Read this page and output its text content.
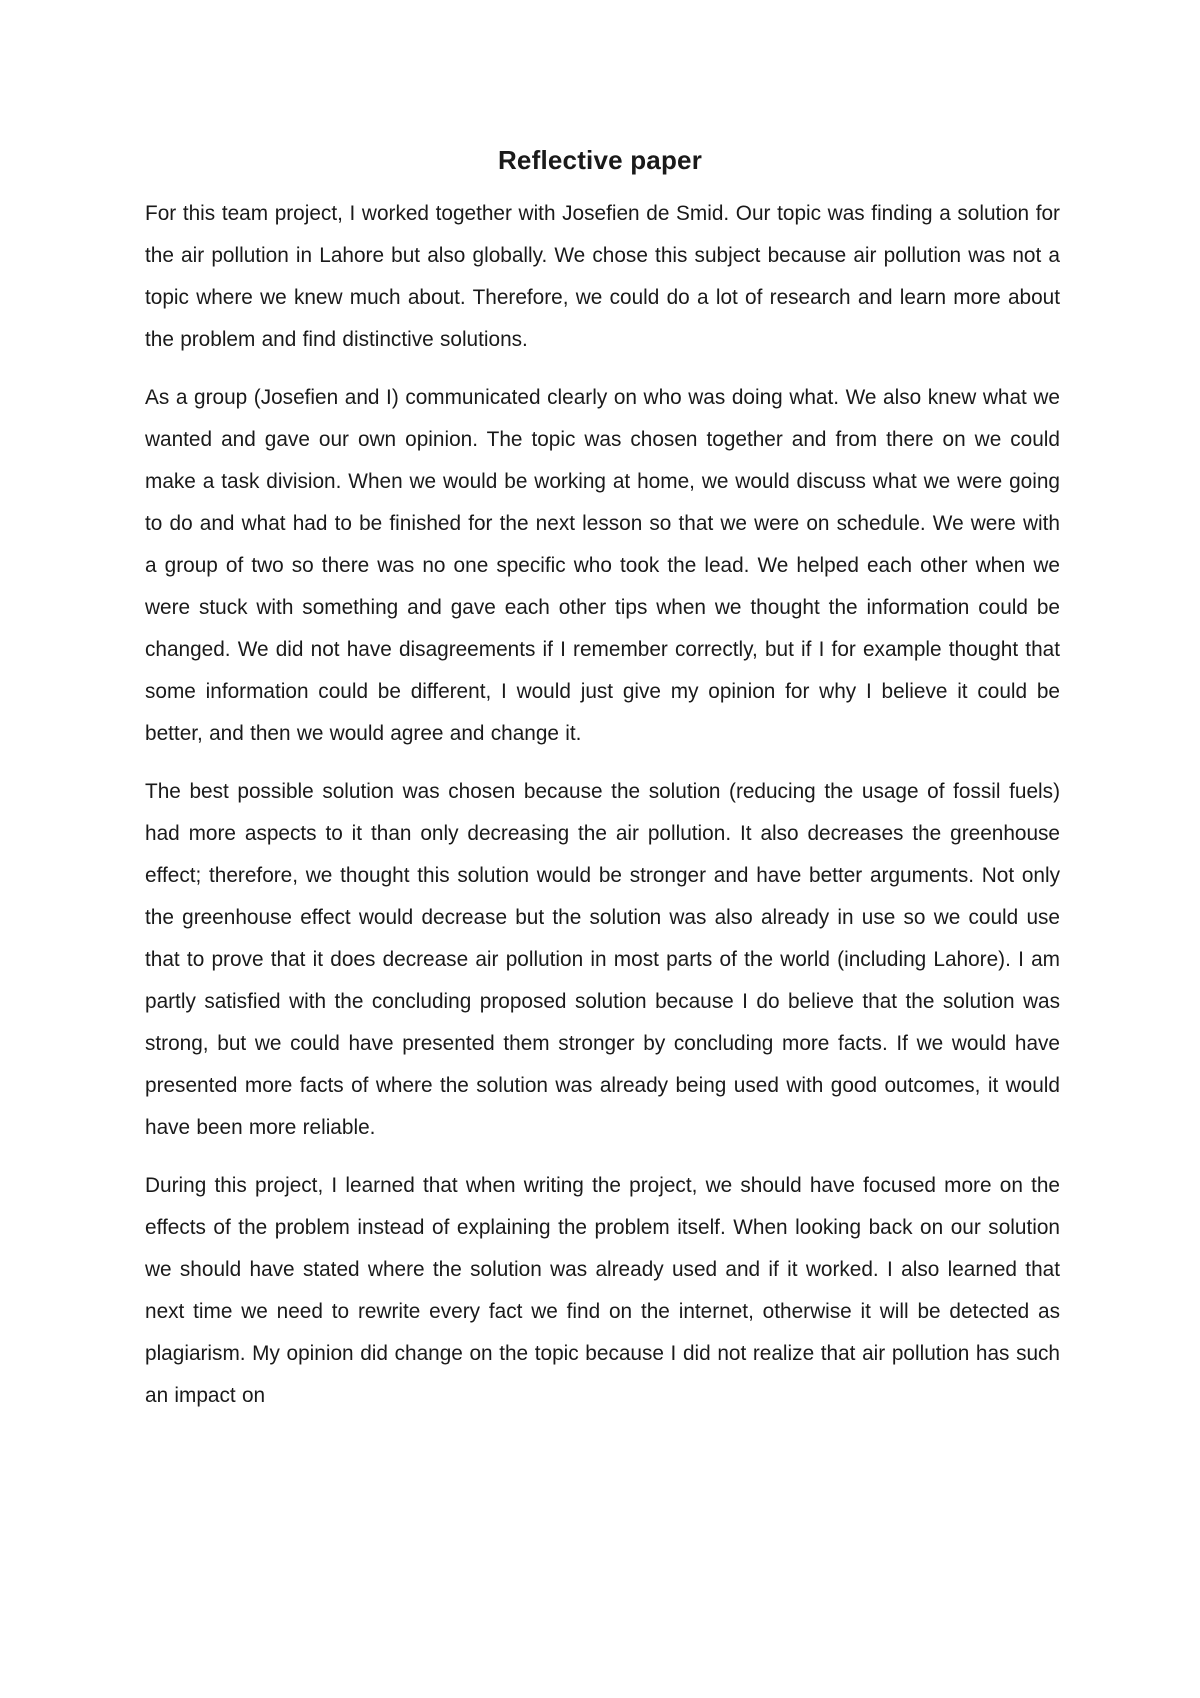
Reflective paper

For this team project, I worked together with Josefien de Smid. Our topic was finding a solution for the air pollution in Lahore but also globally. We chose this subject because air pollution was not a topic where we knew much about. Therefore, we could do a lot of research and learn more about the problem and find distinctive solutions.

As a group (Josefien and I) communicated clearly on who was doing what. We also knew what we wanted and gave our own opinion. The topic was chosen together and from there on we could make a task division. When we would be working at home, we would discuss what we were going to do and what had to be finished for the next lesson so that we were on schedule. We were with a group of two so there was no one specific who took the lead. We helped each other when we were stuck with something and gave each other tips when we thought the information could be changed. We did not have disagreements if I remember correctly, but if I for example thought that some information could be different, I would just give my opinion for why I believe it could be better, and then we would agree and change it.

The best possible solution was chosen because the solution (reducing the usage of fossil fuels) had more aspects to it than only decreasing the air pollution. It also decreases the greenhouse effect; therefore, we thought this solution would be stronger and have better arguments. Not only the greenhouse effect would decrease but the solution was also already in use so we could use that to prove that it does decrease air pollution in most parts of the world (including Lahore). I am partly satisfied with the concluding proposed solution because I do believe that the solution was strong, but we could have presented them stronger by concluding more facts. If we would have presented more facts of where the solution was already being used with good outcomes, it would have been more reliable.

During this project, I learned that when writing the project, we should have focused more on the effects of the problem instead of explaining the problem itself. When looking back on our solution we should have stated where the solution was already used and if it worked. I also learned that next time we need to rewrite every fact we find on the internet, otherwise it will be detected as plagiarism. My opinion did change on the topic because I did not realize that air pollution has such an impact on
